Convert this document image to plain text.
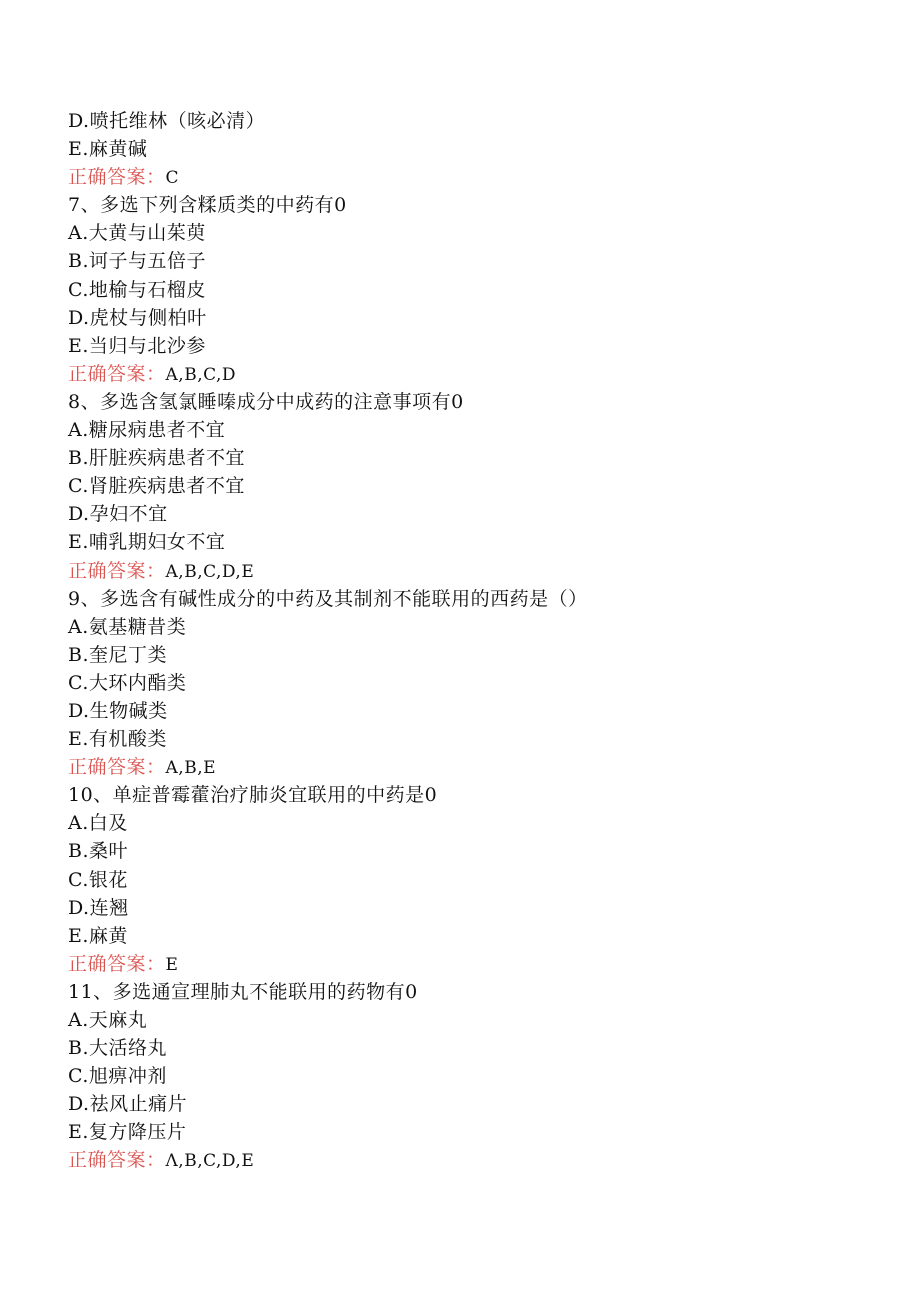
D.喷托维林（咳必清）
E.麻黄碱
正确答案：C
7、多选下列含糅质类的中药有0
A.大黄与山茱萸
B.诃子与五倍子
C.地榆与石榴皮
D.虎杖与侧柏叶
E.当归与北沙参
正确答案：A,B,C,D
8、多选含氢氯睡嗪成分中成药的注意事项有0
A.糖尿病患者不宜
B.肝脏疾病患者不宜
C.肾脏疾病患者不宜
D.孕妇不宜
E.哺乳期妇女不宜
正确答案：A,B,C,D,E
9、多选含有碱性成分的中药及其制剂不能联用的西药是（）
A.氨基糖昔类
B.奎尼丁类
C.大环内酯类
D.生物碱类
E.有机酸类
正确答案：A,B,E
10、单症普霉藿治疗肺炎宜联用的中药是0
A.白及
B.桑叶
C.银花
D.连翘
E.麻黄
正确答案：E
11、多选通宣理肺丸不能联用的药物有0
A.天麻丸
B.大活络丸
C.旭痹冲剂
D.祛风止痛片
E.复方降压片
正确答案：Λ,B,C,D,E
